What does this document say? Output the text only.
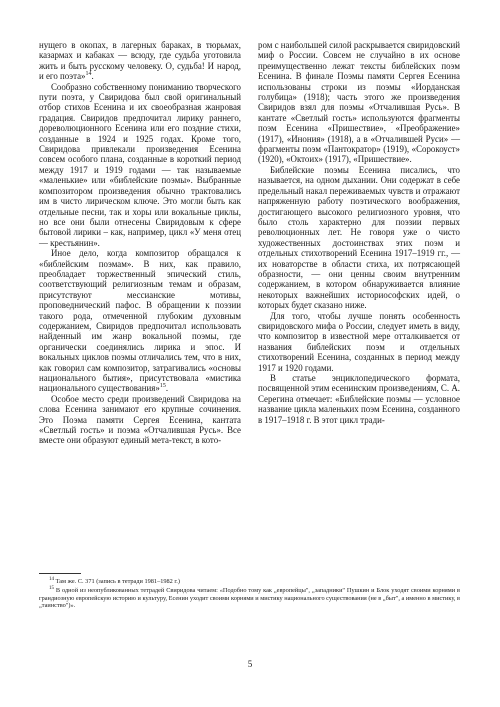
нущего в окопах, в лагерных бараках, в тюрьмах, казармах и кабаках — всюду, где судьба уготовила жить и быть русскому человеку. О, судьба! И народ, и его поэта»$^{14}$.

Сообразно собственному пониманию творческого пути поэта, у Свиридова был свой оригинальный отбор стихов Есенина и их своеобразная жанровая градация. Свиридов предпочитал лирику раннего, дореволюционного Есенина или его поздние стихи, созданные в 1924 и 1925 годах. Кроме того, Свиридова привлекали произведения Есенина совсем особого плана, созданные в короткий период между 1917 и 1919 годами — так называемые «маленькие» или «библейские поэмы». Выбранные композитором произведения обычно трактовались им в чисто лирическом ключе. Это могли быть как отдельные песни, так и хоры или вокальные циклы, но все они были отнесены Свиридовым к сфере бытовой лирики – как, например, цикл «У меня отец — крестьянин».

Иное дело, когда композитор обращался к «библейским поэмам». В них, как правило, преобладает торжественный эпический стиль, соответствующий религиозным темам и образам, присутствуют мессианские мотивы, проповеднический пафос. В обращении к поэзии такого рода, отмеченной глубоким духовным содержанием, Свиридов предпочитал использовать найденный им жанр вокальной поэмы, где органически соединялись лирика и эпос. И вокальных циклов поэмы отличались тем, что в них, как говорил сам композитор, затрагивались «основы национального бытия», присутствовала «мистика национального существования»$^{15}$.

Особое место среди произведений Свиридова на слова Есенина занимают его крупные сочинения. Это Поэма памяти Сергея Есенина, кантата «Светлый гость» и поэма «Отчалившая Русь». Все вместе они образуют единый мета-текст, в кото-

ром с наибольшей силой раскрывается свиридовский миф о России. Совсем не случайно в их основе преимущественно лежат тексты библейских поэм Есенина. В финале Поэмы памяти Сергея Есенина использованы строки из поэмы «Иорданская голубица» (1918); часть этого же произведения Свиридов взял для поэмы «Отчалившая Русь». В кантате «Светлый гость» используются фрагменты поэм Есенина «Пришествие», «Преображение» (1917), «Инония» (1918), а в «Отчалившей Руси» — фрагменты поэм «Пантократор» (1919), «Сорокоуст» (1920), «Октоих» (1917), «Пришествие».

Библейские поэмы Есенина писались, что называется, на одном дыхании. Они содержат в себе предельный накал переживаемых чувств и отражают напряженную работу поэтического воображения, достигающего высокого религиозного уровня, что было столь характерно для поэзии первых революционных лет. Не говоря уже о чисто художественных достоинствах этих поэм и отдельных стихотворений Есенина 1917–1919 гг., — их новаторстве в области стиха, их потрясающей образности, — они ценны своим внутренним содержанием, в котором обнаруживается влияние некоторых важнейших историософских идей, о которых будет сказано ниже.

Для того, чтобы лучше понять особенность свиридовского мифа о России, следует иметь в виду, что композитор в известной мере отталкивается от названия библейских поэм и отдельных стихотворений Есенина, созданных в период между 1917 и 1920 годами.

В статье энциклопедического формата, посвященной этим есенинским произведениям, С. А. Серегина отмечает: «Библейские поэмы — условное название цикла маленьких поэм Есенина, созданного в 1917–1918 г. В этот цикл тради-

$^{14}$ Там же. С. 371 (запись в тетради 1981–1982 г.)

$^{15}$ В одной из неопубликованных тетрадей Свиридова читаем: «Подобно тому как „европейцы", „западники" Пушкин и Блок уходят своими корнями в грандиозную европейскую историю и культуру, Есенин уходит своими корнями и мистику национального существования (не в „быт", а именно в мистику, в „таинство")».

5
